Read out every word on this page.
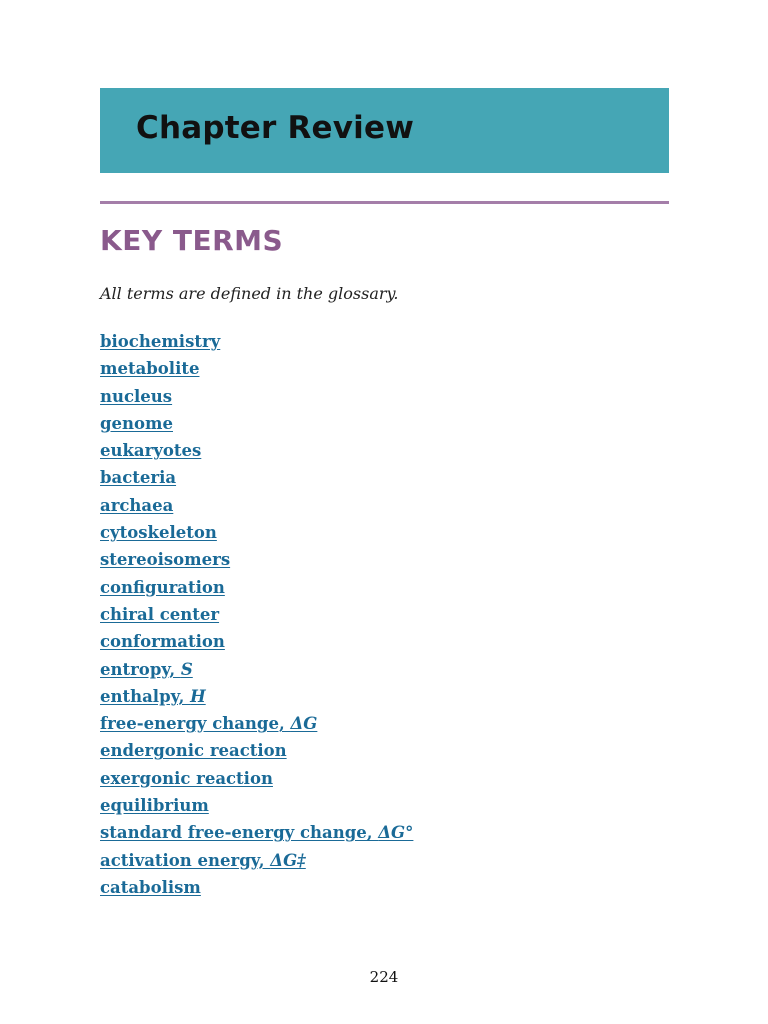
Chapter Review
KEY TERMS

All terms are defined in the glossary.

biochemistry
metabolite
nucleus
genome
eukaryotes
bacteria
archaea
cytoskeleton
stereoisomers
configuration
chiral center
conformation
entropy, S
enthalpy, H
free-energy change, ΔG
endergonic reaction
exergonic reaction
equilibrium
standard free-energy change, ΔG°
activation energy, ΔG‡
catabolism
224
